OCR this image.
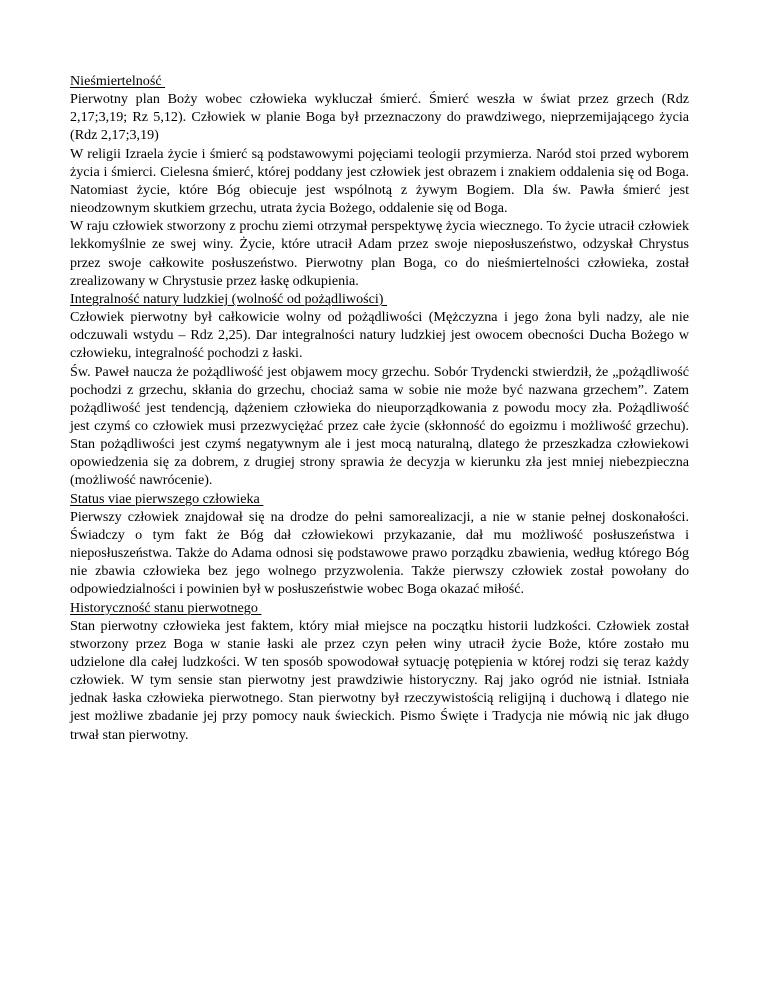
Nieśmiertelność

Pierwotny plan Boży wobec człowieka wykluczał śmierć. Śmierć weszła w świat przez grzech (Rdz 2,17;3,19; Rz 5,12). Człowiek w planie Boga był przeznaczony do prawdziwego, nieprzemijającego życia (Rdz 2,17;3,19)

W religii Izraela życie i śmierć są podstawowymi pojęciami teologii przymierza. Naród stoi przed wyborem życia i śmierci. Cielesna śmierć, której poddany jest człowiek jest obrazem i znakiem oddalenia się od Boga. Natomiast życie, które Bóg obiecuje jest wspólnotą z żywym Bogiem. Dla św. Pawła śmierć jest nieodzownym skutkiem grzechu, utrata życia Bożego, oddalenie się od Boga.

W raju człowiek stworzony z prochu ziemi otrzymał perspektywę życia wiecznego. To życie utracił człowiek lekkomyślnie ze swej winy. Życie, które utracił Adam przez swoje nieposłuszeństwo, odzyskał Chrystus przez swoje całkowite posłuszeństwo. Pierwotny plan Boga, co do nieśmiertelności człowieka, został zrealizowany w Chrystusie przez łaskę odkupienia.

Integralność natury ludzkiej (wolność od pożądliwości)

Człowiek pierwotny był całkowicie wolny od pożądliwości (Mężczyzna i jego żona byli nadzy, ale nie odczuwali wstydu – Rdz 2,25). Dar integralności natury ludzkiej jest owocem obecności Ducha Bożego w człowieku, integralność pochodzi z łaski.

Św. Paweł naucza że pożądliwość jest objawem mocy grzechu. Sobór Trydencki stwierdził, że „pożądliwość pochodzi z grzechu, skłania do grzechu, chociaż sama w sobie nie może być nazwana grzechem”. Zatem pożądliwość jest tendencją, dążeniem człowieka do nieuporządkowania z powodu mocy zła. Pożądliwość jest czymś co człowiek musi przezwyciężać przez całe życie (skłonność do egoizmu i możliwość grzechu). Stan pożądliwości jest czymś negatywnym ale i jest mocą naturalną, dlatego że przeszkadza człowiekowi opowiedzenia się za dobrem, z drugiej strony sprawia że decyzja w kierunku zła jest mniej niebezpieczna (możliwość nawrócenie).

Status viae pierwszego człowieka

Pierwszy człowiek znajdował się na drodze do pełni samorealizacji, a nie w stanie pełnej doskonałości. Świadczy o tym fakt że Bóg dał człowiekowi przykazanie, dał mu możliwość posłuszeństwa i nieposłuszeństwa. Także do Adama odnosi się podstawowe prawo porządku zbawienia, według którego Bóg nie zbawia człowieka bez jego wolnego przyzwolenia. Także pierwszy człowiek został powołany do odpowiedzialności i powinien był w posłuszeństwie wobec Boga okazać miłość.

Historyczność stanu pierwotnego

Stan pierwotny człowieka jest faktem, który miał miejsce na początku historii ludzkości. Człowiek został stworzony przez Boga w stanie łaski ale przez czyn pełen winy utracił życie Boże, które zostało mu udzielone dla całej ludzkości. W ten sposób spowodował sytuację potępienia w której rodzi się teraz każdy człowiek. W tym sensie stan pierwotny jest prawdziwie historyczny. Raj jako ogród nie istniał. Istniała jednak łaska człowieka pierwotnego. Stan pierwotny był rzeczywistością religijną i duchową i dlatego nie jest możliwe zbadanie jej przy pomocy nauk świeckich. Pismo Święte i Tradycja nie mówią nic jak długo trwał stan pierwotny.
